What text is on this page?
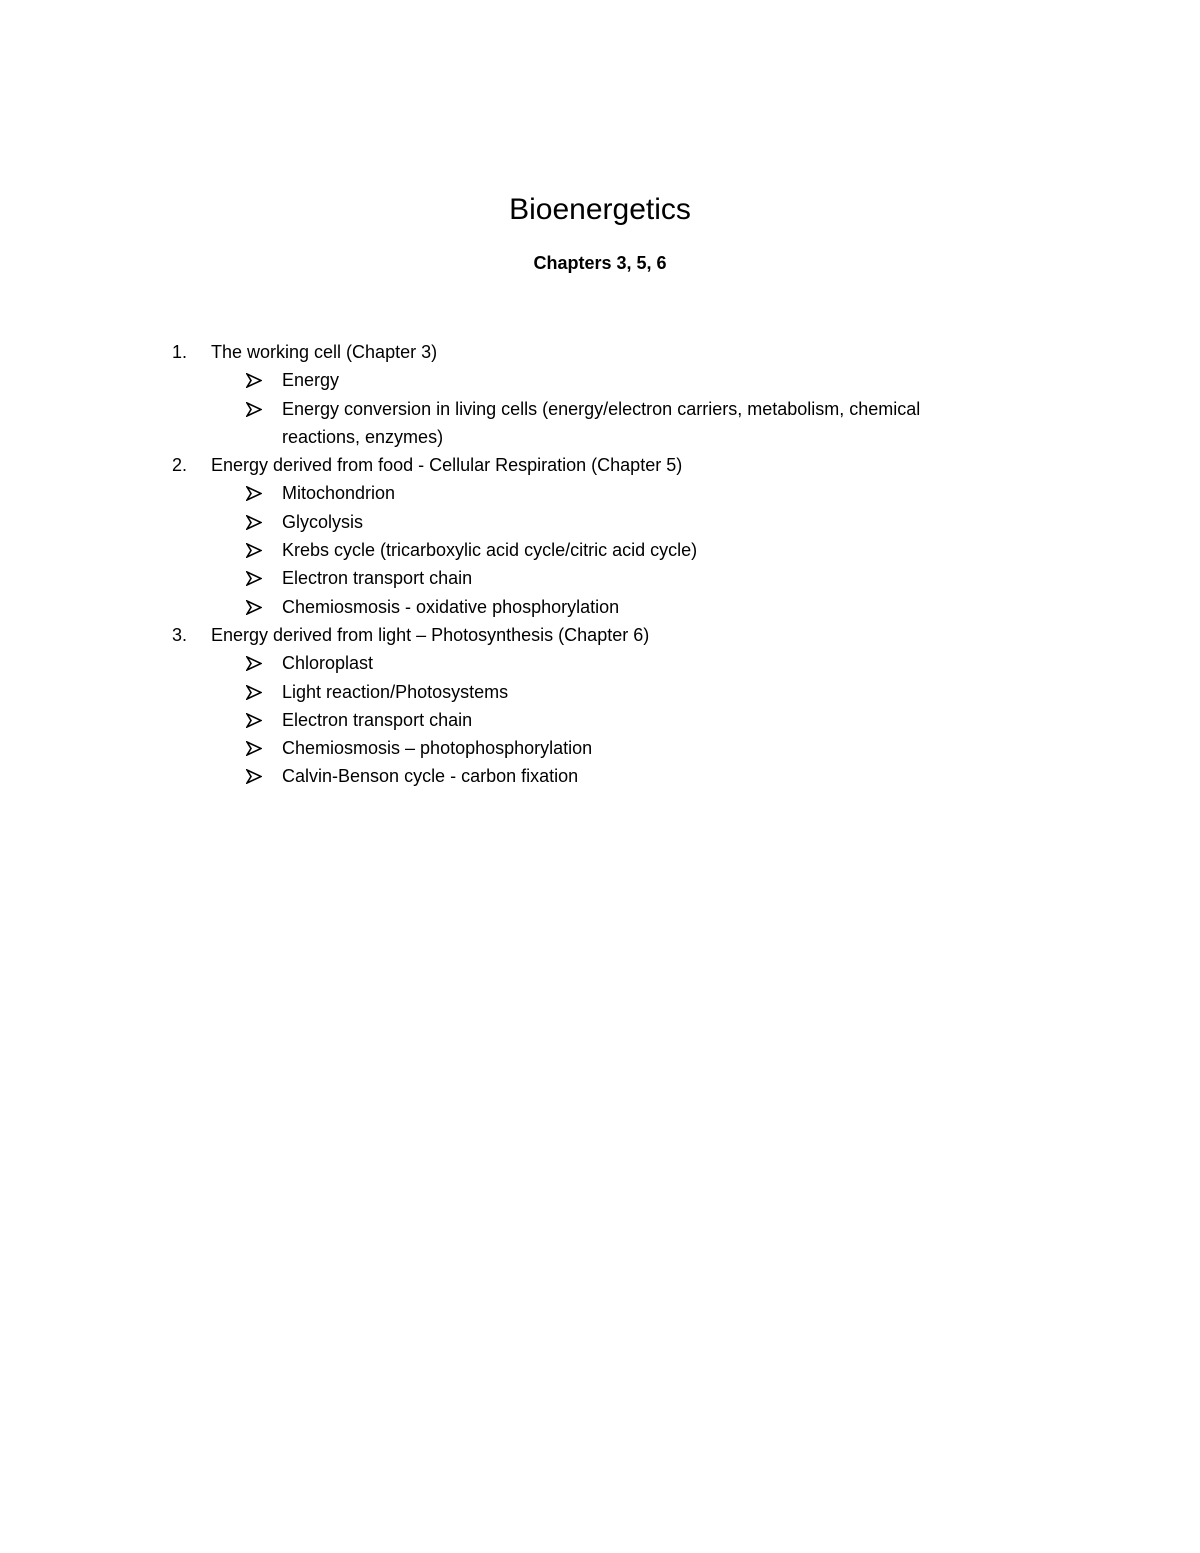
Bioenergetics
Chapters 3, 5, 6
1.	The working cell (Chapter 3)
Energy
Energy conversion in living cells (energy/electron carriers, metabolism, chemical
reactions, enzymes)
2.	Energy derived from food - Cellular Respiration (Chapter 5)
Mitochondrion
Glycolysis
Krebs cycle (tricarboxylic acid cycle/citric acid cycle)
Electron transport chain
Chemiosmosis - oxidative phosphorylation
3.	Energy derived from light – Photosynthesis (Chapter 6)
Chloroplast
Light reaction/Photosystems
Electron transport chain
Chemiosmosis – photophosphorylation
Calvin-Benson cycle - carbon fixation
